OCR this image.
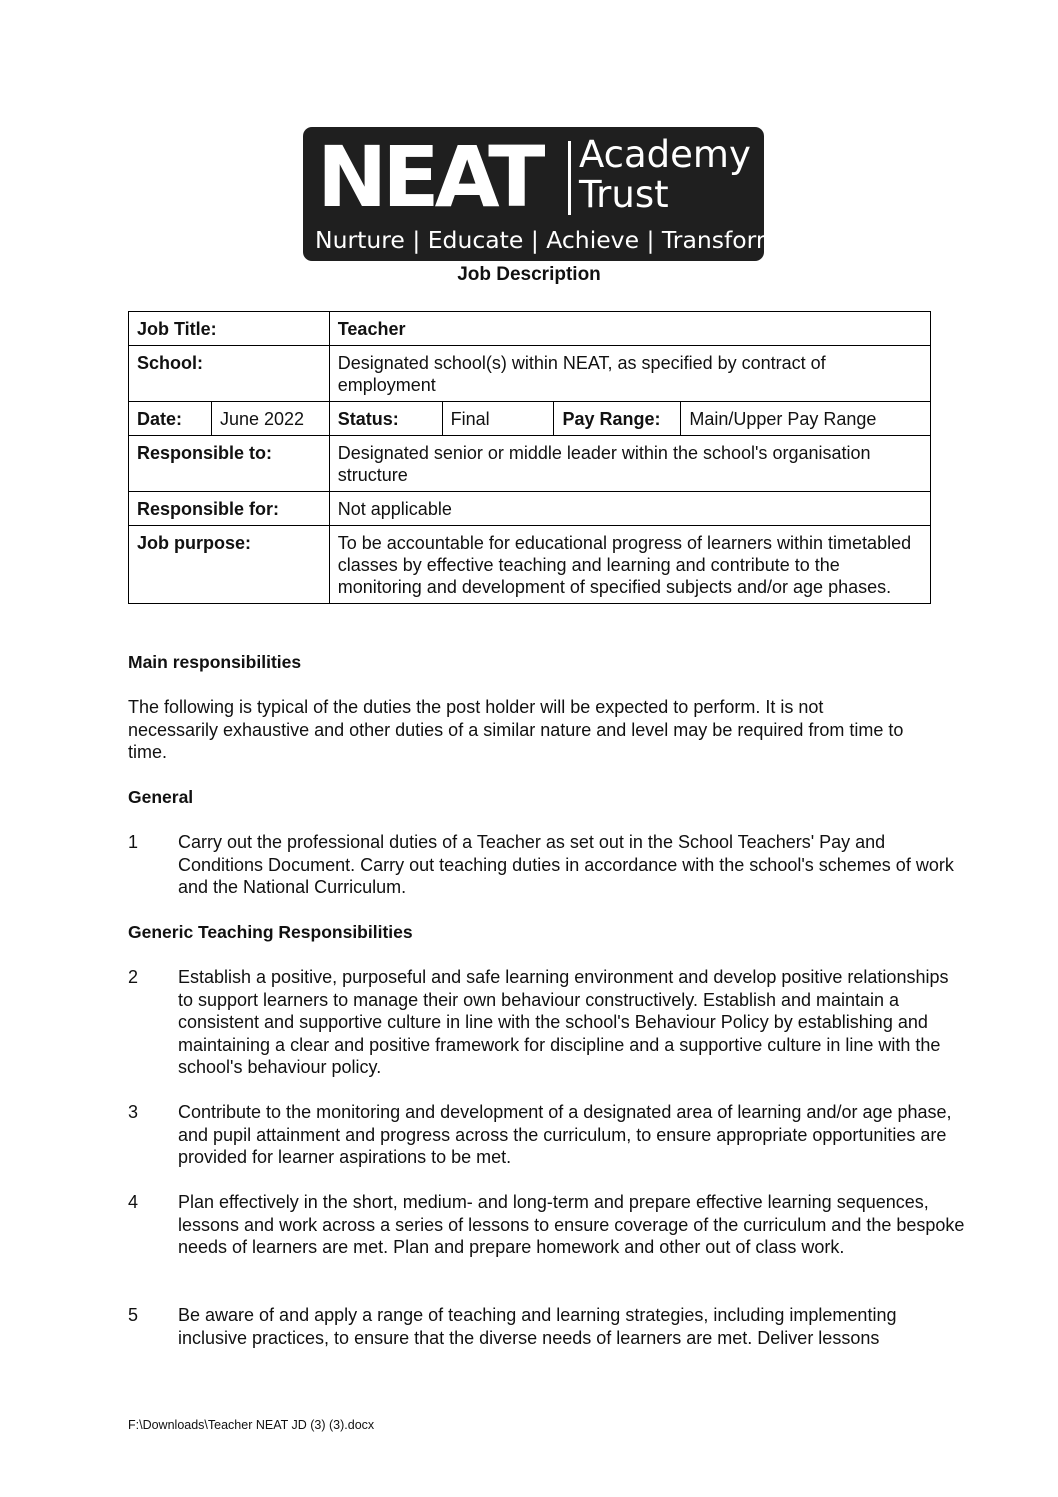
NEAT Academy
Trust
Nurture | Educate | Achieve | Transform
Job Description
Job Title:		Teacher			
School:		Designated school(s) within NEAT, as specified by contract of employment			
Date:	June 2022	Status:	Final	Pay Range:	Main/Upper Pay Range
Responsible to:		Designated senior or middle leader within the school's organisation structure			
Responsible for:		Not applicable			
Job purpose:		To be accountable for educational progress of learners within timetabled classes by effective teaching and learning and contribute to the monitoring and development of specified subjects and/or age phases.			
Main responsibilities
The following is typical of the duties the post holder will be expected to perform. It is not necessarily exhaustive and other duties of a similar nature and level may be required from time to time.
General
1 Carry out the professional duties of a Teacher as set out in the School Teachers' Pay and Conditions Document. Carry out teaching duties in accordance with the school's schemes of work and the National Curriculum.
Generic Teaching Responsibilities
2 Establish a positive, purposeful and safe learning environment and develop positive relationships to support learners to manage their own behaviour constructively. Establish and maintain a consistent and supportive culture in line with the school's Behaviour Policy by establishing and maintaining a clear and positive framework for discipline and a supportive culture in line with the school's behaviour policy.
3 Contribute to the monitoring and development of a designated area of learning and/or age phase, and pupil attainment and progress across the curriculum, to ensure appropriate opportunities are provided for learner aspirations to be met.
4 Plan effectively in the short, medium- and long-term and prepare effective learning sequences, lessons and work across a series of lessons to ensure coverage of the curriculum and the bespoke needs of learners are met. Plan and prepare homework and other out of class work.
5 Be aware of and apply a range of teaching and learning strategies, including implementing inclusive practices, to ensure that the diverse needs of learners are met. Deliver lessons
F:\Downloads\Teacher NEAT JD (3) (3).docx
